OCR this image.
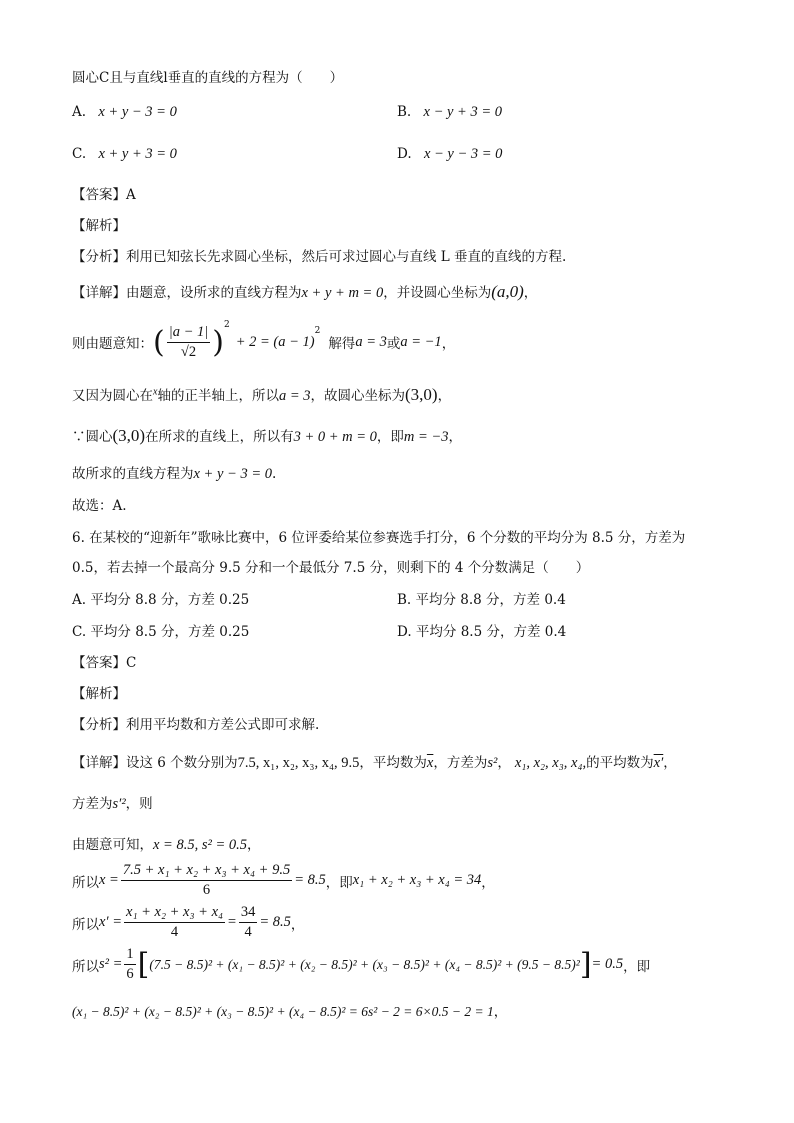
圆心C且与直线l垂直的直线的方程为（　　）
A. x + y − 3 = 0	B. x − y + 3 = 0
C. x + y + 3 = 0	D. x − y − 3 = 0
【答案】A
【解析】
【分析】利用已知弦长先求圆心坐标，然后可求过圆心与直线 L 垂直的直线的方程.
【详解】由题意，设所求的直线方程为x + y + m = 0，并设圆心坐标为(a,0)，
则由题意知： ( $\frac{|a - 1|}{√2} )^2$
+ 2 = (a − 1)
$^2$
解得 a = 3 或 a = −1 ，
又因为圆心在$^x$轴的正半轴上，所以a = 3，故圆心坐标为(3,0)，
∵圆心(3,0)在所求的直线上，所以有3 + 0 + m = 0，即m = −3，
故所求的直线方程为x + y − 3 = 0.
故选：A.
6. 在某校的“迎新年”歌咏比赛中，6 位评委给某位参赛选手打分，6 个分数的平均分为 8.5 分，方差为
0.5，若去掉一个最高分 9.5 分和一个最低分 7.5 分，则剩下的 4 个分数满足（　　）
A. 平均分 8.8 分，方差 0.25	B. 平均分 8.8 分，方差 0.4
C. 平均分 8.5 分，方差 0.25	D. 平均分 8.5 分，方差 0.4
【答案】C
【解析】
【分析】利用平均数和方差公式即可求解.
【详解】设这 6 个数分别为7.5, x₁, x₂, x₃, x₄, 9.5，平均数为$\overline{x}$，方差为s²， x₁, x₂, x₃, x₄,的平均数为x′，
方差为s′²，则
由题意可知，x = 8.5, s² = 0.5，
所以 $x = \frac{\text{7.5 + x₁ + x₂ + x₃ + x₄ + 9.5}}{6} = 8.5$ ，即 x₁ + x₂ + x₃ + x₄ = 34 ，
所以 $x' = \frac{\text{x₁ + x₂ + x₃ + x₄}}{4} = \frac{34}{4} = 8.5$ ，
所以 $s^2 = \frac{1}{6}$ [ (7.5 − 8.5)² + (x₁ − 8.5)² + (x₂ − 8.5)² + (x₃ − 8.5)² + (x₄ − 8.5)² + (9.5 − 8.5)² ] = 0.5 ，即
(x₁ − 8.5)² + (x₂ − 8.5)² + (x₃ − 8.5)² + (x₄ − 8.5)² = 6s² − 2 = 6×0.5 − 2 = 1，
